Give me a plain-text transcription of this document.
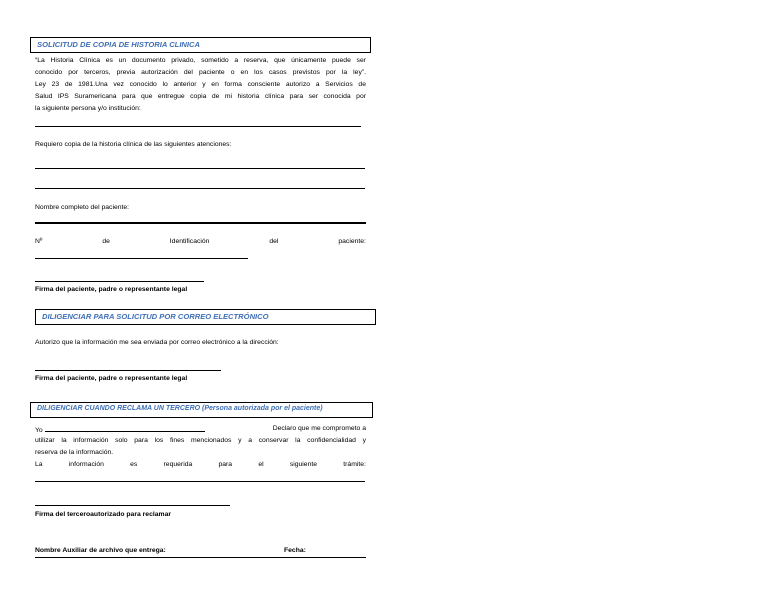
SOLICITUD DE COPIA DE HISTORIA CLINICA
“La Historia Clínica es un documento privado, sometido a reserva, que únicamente puede ser
conocido por terceros, previa autorización del paciente o en los casos previstos por la ley”.
Ley 23 de 1981.Una vez conocido lo anterior y en forma consciente autorizo a Servicios de
Salud IPS Suramericana para que entregue copia de mi historia clínica para ser conocida por
la siguiente persona y/o institución:
Requiero copia de la historia clínica de las siguientes atenciones:
Nombre completo del paciente:
Nº	de	Identificación	del	paciente:
Firma del paciente, padre o representante legal
DILIGENCIAR PARA SOLICITUD POR CORREO ELECTRÓNICO
Autorizo que la información me sea enviada por correo electrónico a la dirección:
Firma del paciente, padre o representante legal
DILIGENCIAR CUANDO RECLAMA UN TERCERO (Persona autorizada por el paciente)
Yo	Declaro que me comprometo a
utilizar la información solo para los fines mencionados y a conservar la confidencialidad y
reserva de la información.
La	información	es	requerida	para	el	siguiente	trámite:
Firma del terceroautorizado para reclamar
Nombre Auxiliar de archivo que entrega:	Fecha:
